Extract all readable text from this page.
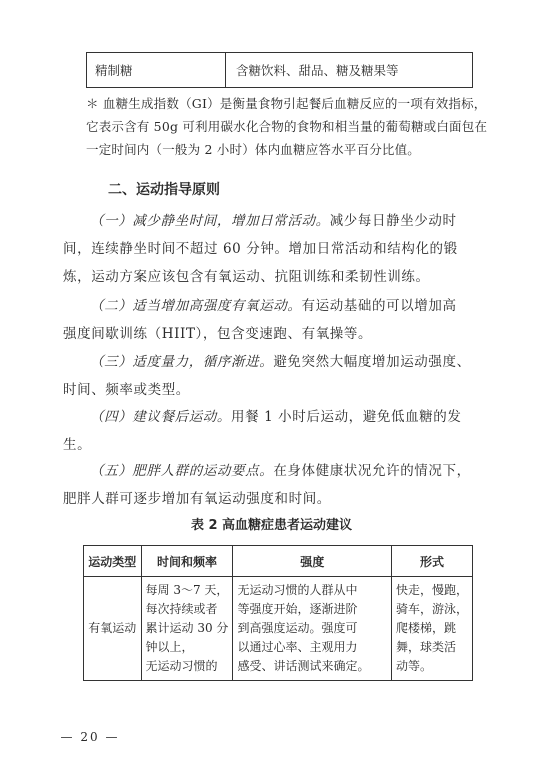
精制糖	含糖饮料、甜品、糖及糖果等
＊ 血糖生成指数（GI）是衡量食物引起餐后血糖反应的一项有效指标，
它表示含有 50g 可利用碳水化合物的食物和相当量的葡萄糖或白面包在
一定时间内（一般为 2 小时）体内血糖应答水平百分比值。
二、运动指导原则
（一）减少静坐时间，增加日常活动。减少每日静坐少动时
间，连续静坐时间不超过 60 分钟。增加日常活动和结构化的锻
炼，运动方案应该包含有氧运动、抗阻训练和柔韧性训练。
（二）适当增加高强度有氧运动。有运动基础的可以增加高
强度间歇训练（HIIT），包含变速跑、有氧操等。
（三）适度量力，循序渐进。避免突然大幅度增加运动强度、
时间、频率或类型。
（四）建议餐后运动。用餐 1 小时后运动，避免低血糖的发
生。
（五）肥胖人群的运动要点。在身体健康状况允许的情况下，
肥胖人群可逐步增加有氧运动强度和时间。
表 2 高血糖症患者运动建议
运动类型	时间和频率	强度	形式
有氧运动	每周 3～7 天，
每次持续或者
累计运动 30 分
钟以上，
无运动习惯的	无运动习惯的人群从中
等强度开始，逐渐进阶
到高强度运动。强度可
以通过心率、主观用力
感受、讲话测试来确定。	快走，慢跑，
骑车，游泳，
爬楼梯，跳
舞，球类活
动等。
— 20 —
